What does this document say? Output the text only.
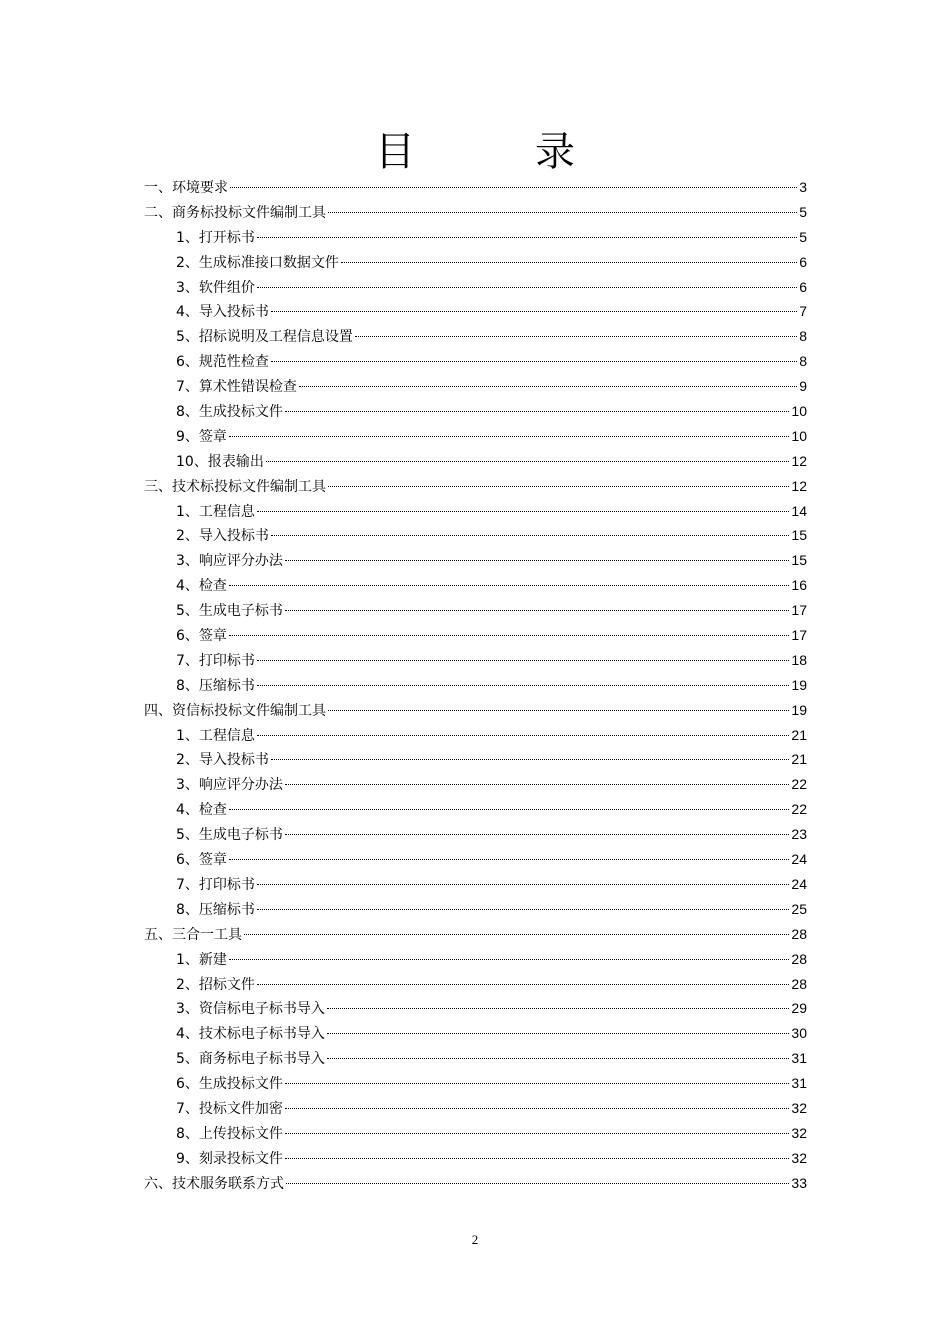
目录
一、环境要求	3
二、商务标投标文件编制工具	5
1、打开标书	5
2、生成标准接口数据文件	6
3、软件组价	6
4、导入投标书	7
5、招标说明及工程信息设置	8
6、规范性检查	8
7、算术性错误检查	9
8、生成投标文件	10
9、签章	10
10、报表输出	12
三、技术标投标文件编制工具	12
1、工程信息	14
2、导入投标书	15
3、响应评分办法	15
4、检查	16
5、生成电子标书	17
6、签章	17
7、打印标书	18
8、压缩标书	19
四、资信标投标文件编制工具	19
1、工程信息	21
2、导入投标书	21
3、响应评分办法	22
4、检查	22
5、生成电子标书	23
6、签章	24
7、打印标书	24
8、压缩标书	25
五、三合一工具	28
1、新建	28
2、招标文件	28
3、资信标电子标书导入	29
4、技术标电子标书导入	30
5、商务标电子标书导入	31
6、生成投标文件	31
7、投标文件加密	32
8、上传投标文件	32
9、刻录投标文件	32
六、技术服务联系方式	33
2
